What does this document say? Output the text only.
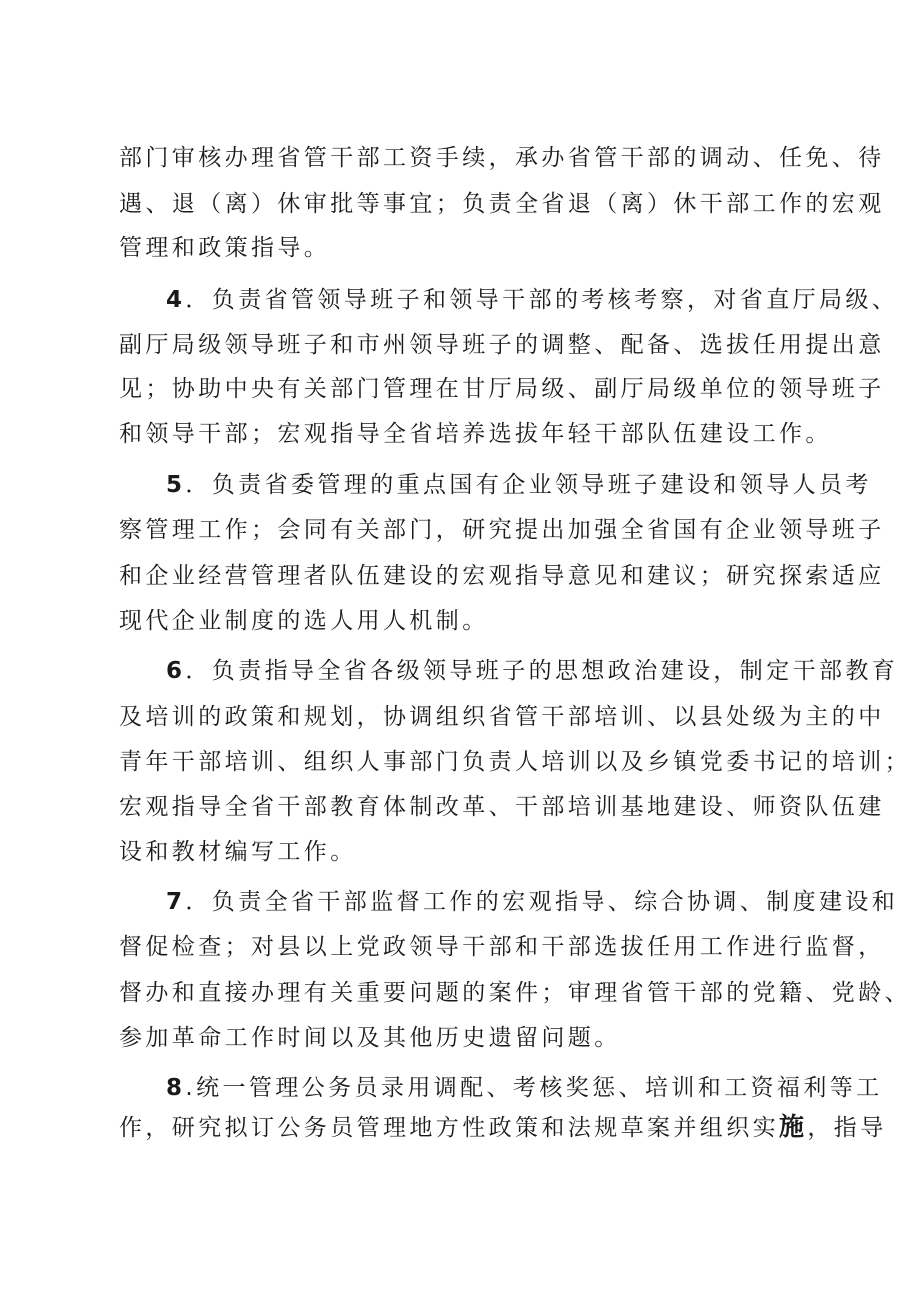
部门审核办理省管干部工资手续，承办省管干部的调动、任免、待
遇、退（离）休审批等事宜；负责全省退（离）休干部工作的宏观
管理和政策指导。
4．负责省管领导班子和领导干部的考核考察，对省直厅局级、
副厅局级领导班子和市州领导班子的调整、配备、选拔任用提出意
见；协助中央有关部门管理在甘厅局级、副厅局级单位的领导班子
和领导干部；宏观指导全省培养选拔年轻干部队伍建设工作。
5．负责省委管理的重点国有企业领导班子建设和领导人员考
察管理工作；会同有关部门，研究提出加强全省国有企业领导班子
和企业经营管理者队伍建设的宏观指导意见和建议；研究探索适应
现代企业制度的选人用人机制。
6．负责指导全省各级领导班子的思想政治建设，制定干部教育
及培训的政策和规划，协调组织省管干部培训、以县处级为主的中
青年干部培训、组织人事部门负责人培训以及乡镇党委书记的培训；
宏观指导全省干部教育体制改革、干部培训基地建设、师资队伍建
设和教材编写工作。
7．负责全省干部监督工作的宏观指导、综合协调、制度建设和
督促检查；对县以上党政领导干部和干部选拔任用工作进行监督，
督办和直接办理有关重要问题的案件；审理省管干部的党籍、党龄、
参加革命工作时间以及其他历史遗留问题。
8.统一管理公务员录用调配、考核奖惩、培训和工资福利等工
作，研究拟订公务员管理地方性政策和法规草案并组织实施，指导
